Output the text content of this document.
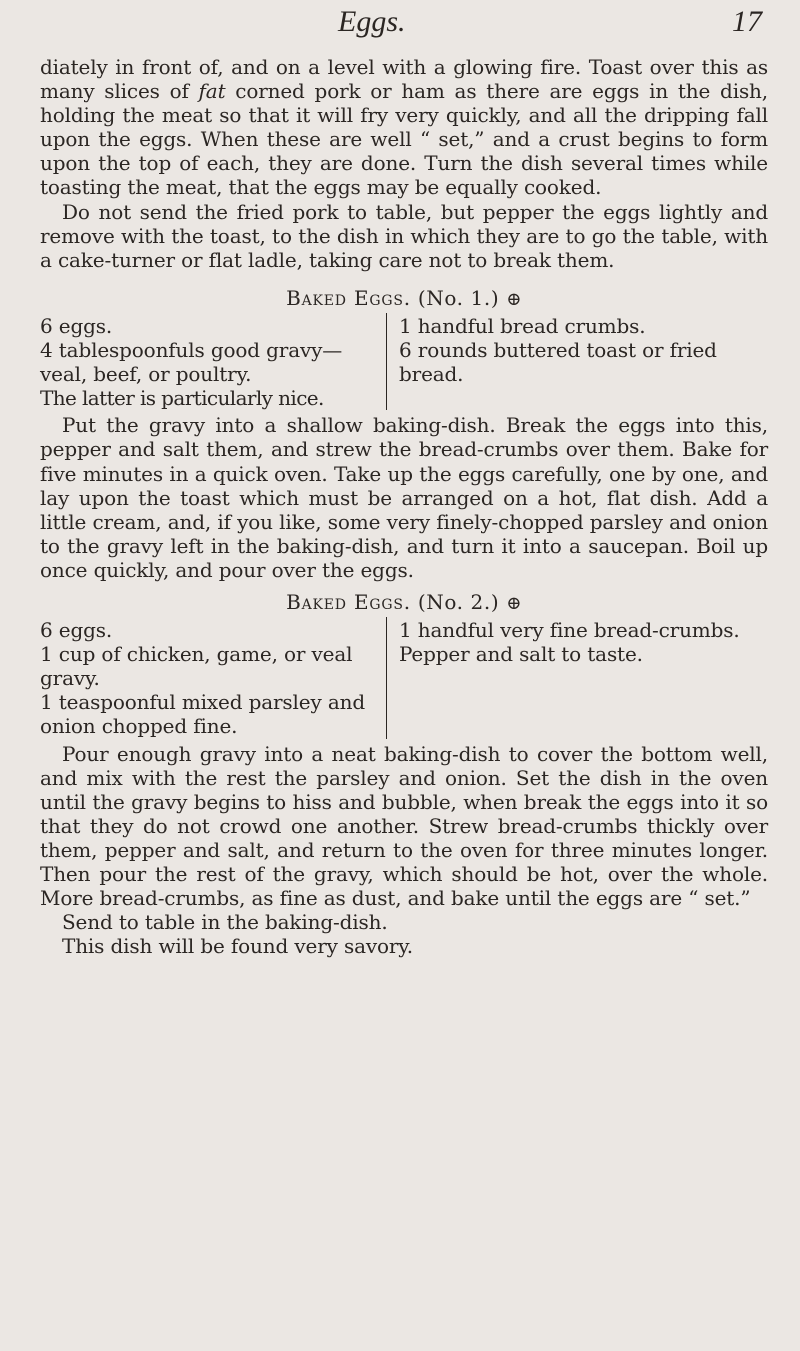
Eggs.	17

diately in front of, and on a level with a glowing fire. Toast over this as many slices of fat corned pork or ham as there are eggs in the dish, holding the meat so that it will fry very quickly, and all the dripping fall upon the eggs. When these are well “ set,” and a crust begins to form upon the top of each, they are done. Turn the dish several times while toasting the meat, that the eggs may be equally cooked.

Do not send the fried pork to table, but pepper the eggs lightly and remove with the toast, to the dish in which they are to go the table, with a cake-turner or flat ladle, taking care not to break them.

Baked Eggs. (No. 1.) ⊕

6 eggs.

4 tablespoonfuls good gravy—veal, beef, or poultry.

The latter is particularly nice.

1 handful bread crumbs.

6 rounds buttered toast or fried bread.

Put the gravy into a shallow baking-dish. Break the eggs into this, pepper and salt them, and strew the bread-crumbs over them. Bake for five minutes in a quick oven. Take up the eggs carefully, one by one, and lay upon the toast which must be arranged on a hot, flat dish. Add a little cream, and, if you like, some very finely-chopped parsley and onion to the gravy left in the baking-dish, and turn it into a saucepan. Boil up once quickly, and pour over the eggs.

Baked Eggs. (No. 2.) ⊕

6 eggs.

1 cup of chicken, game, or veal gravy.

1 teaspoonful mixed parsley and onion chopped fine.

1 handful very fine bread-crumbs.

Pepper and salt to taste.

Pour enough gravy into a neat baking-dish to cover the bottom well, and mix with the rest the parsley and onion. Set the dish in the oven until the gravy begins to hiss and bubble, when break the eggs into it so that they do not crowd one another. Strew bread-crumbs thickly over them, pepper and salt, and return to the oven for three minutes longer. Then pour the rest of the gravy, which should be hot, over the whole. More bread-crumbs, as fine as dust, and bake until the eggs are “ set.”

Send to table in the baking-dish.

This dish will be found very savory.
